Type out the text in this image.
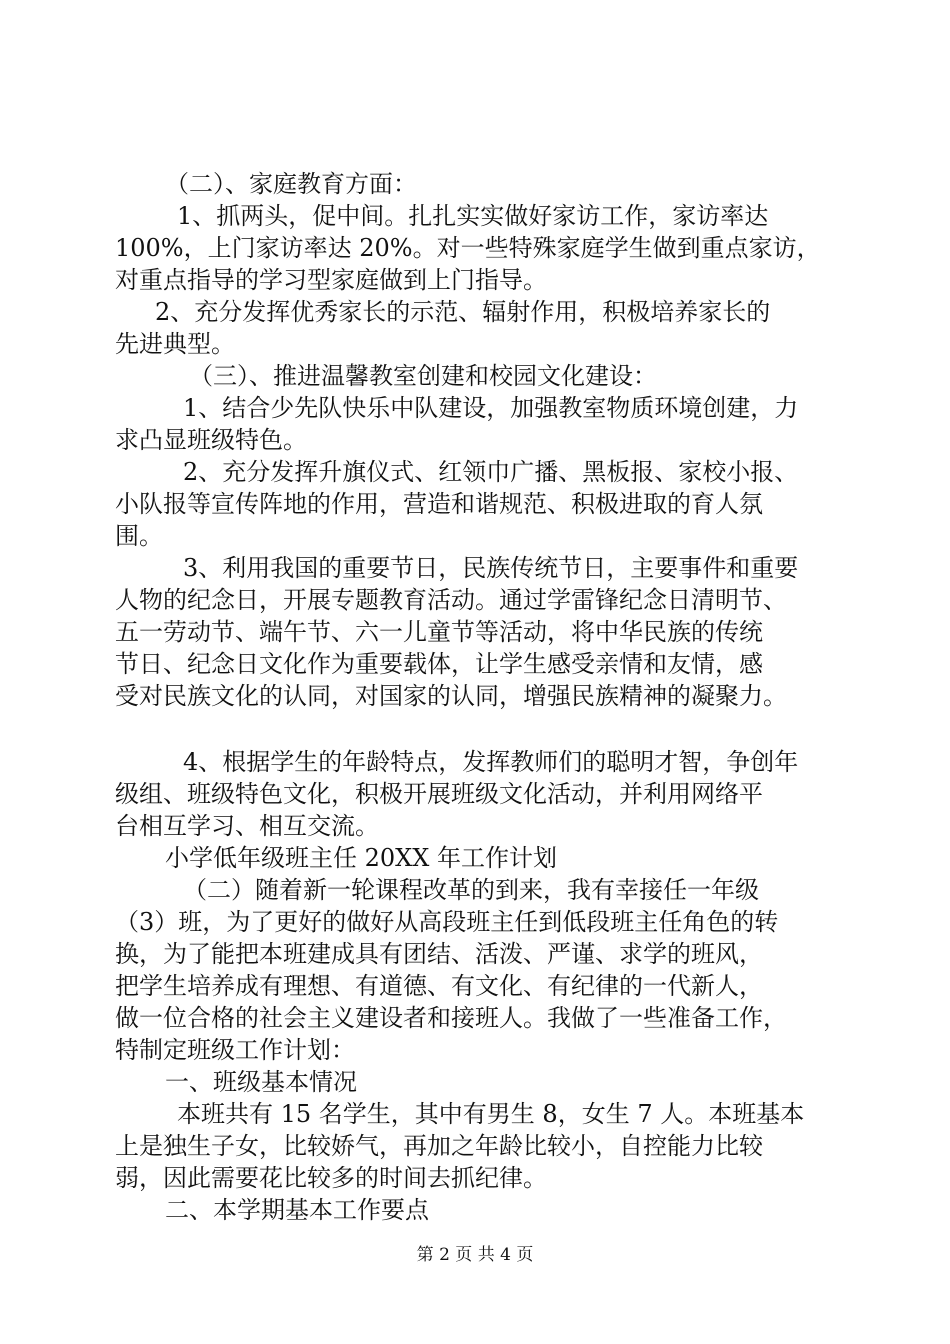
（二）、家庭教育方面：
1、抓两头，促中间。扎扎实实做好家访工作，家访率达
100%，上门家访率达 20%。对一些特殊家庭学生做到重点家访，
对重点指导的学习型家庭做到上门指导。
2、充分发挥优秀家长的示范、辐射作用，积极培养家长的
先进典型。
（三）、推进温馨教室创建和校园文化建设：
1、结合少先队快乐中队建设，加强教室物质环境创建，力
求凸显班级特色。
2、充分发挥升旗仪式、红领巾广播、黑板报、家校小报、
小队报等宣传阵地的作用，营造和谐规范、积极进取的育人氛
围。
3、利用我国的重要节日，民族传统节日，主要事件和重要
人物的纪念日，开展专题教育活动。通过学雷锋纪念日清明节、
五一劳动节、端午节、六一儿童节等活动，将中华民族的传统
节日、纪念日文化作为重要载体，让学生感受亲情和友情，感
受对民族文化的认同，对国家的认同，增强民族精神的凝聚力。
4、根据学生的年龄特点，发挥教师们的聪明才智，争创年
级组、班级特色文化，积极开展班级文化活动，并利用网络平
台相互学习、相互交流。
小学低年级班主任 20XX 年工作计划
（二）随着新一轮课程改革的到来，我有幸接任一年级
（3）班，为了更好的做好从高段班主任到低段班主任角色的转
换，为了能把本班建成具有团结、活泼、严谨、求学的班风，
把学生培养成有理想、有道德、有文化、有纪律的一代新人，
做一位合格的社会主义建设者和接班人。我做了一些准备工作，
特制定班级工作计划：
一、班级基本情况
本班共有 15 名学生，其中有男生 8，女生 7 人。本班基本
上是独生子女，比较娇气，再加之年龄比较小，自控能力比较
弱，因此需要花比较多的时间去抓纪律。
二、本学期基本工作要点
第 2 页 共 4 页
